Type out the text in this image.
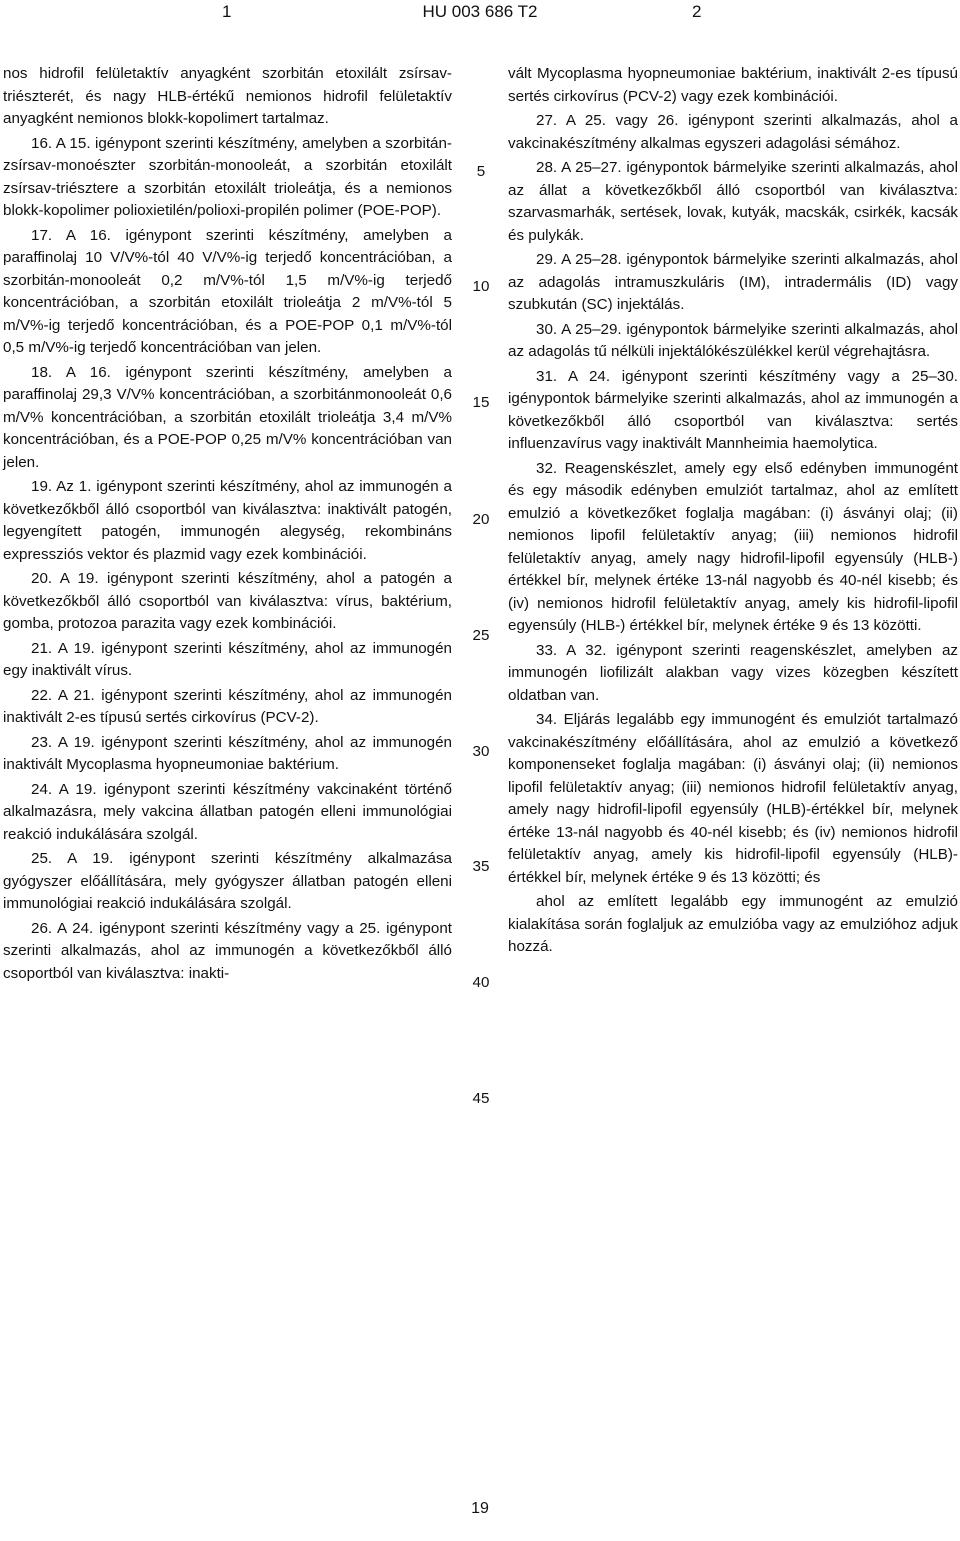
1	HU 003 686 T2	2

nos hidrofil felületaktív anyagként szorbitán etoxilált zsírsav-triészterét, és nagy HLB-értékű nemionos hidrofil felületaktív anyagként nemionos blokk-kopolimert tartalmaz.

16. A 15. igénypont szerinti készítmény, amelyben a szorbitán-zsírsav-monoészter szorbitán-monooleát, a szorbitán etoxilált zsírsav-triésztere a szorbitán etoxilált trioleátja, és a nemionos blokk-kopolimer polioxietilén/polioxi-propilén polimer (POE-POP).

17. A 16. igénypont szerinti készítmény, amelyben a paraffinolaj 10 V/V%-tól 40 V/V%-ig terjedő koncentrációban, a szorbitán-monooleát 0,2 m/V%-tól 1,5 m/V%-ig terjedő koncentrációban, a szorbitán etoxilált trioleátja 2 m/V%-tól 5 m/V%-ig terjedő koncentrációban, és a POE-POP 0,1 m/V%-tól 0,5 m/V%-ig terjedő koncentrációban van jelen.

18. A 16. igénypont szerinti készítmény, amelyben a paraffinolaj 29,3 V/V% koncentrációban, a szorbitánmonooleát 0,6 m/V% koncentrációban, a szorbitán etoxilált trioleátja 3,4 m/V% koncentrációban, és a POE-POP 0,25 m/V% koncentrációban van jelen.

19. Az 1. igénypont szerinti készítmény, ahol az immunogén a következőkből álló csoportból van kiválasztva: inaktivált patogén, legyengített patogén, immunogén alegység, rekombináns expressziós vektor és plazmid vagy ezek kombinációi.

20. A 19. igénypont szerinti készítmény, ahol a patogén a következőkből álló csoportból van kiválasztva: vírus, baktérium, gomba, protozoa parazita vagy ezek kombinációi.

21. A 19. igénypont szerinti készítmény, ahol az immunogén egy inaktivált vírus.

22. A 21. igénypont szerinti készítmény, ahol az immunogén inaktivált 2-es típusú sertés cirkovírus (PCV-2).

23. A 19. igénypont szerinti készítmény, ahol az immunogén inaktivált Mycoplasma hyopneumoniae baktérium.

24. A 19. igénypont szerinti készítmény vakcinaként történő alkalmazásra, mely vakcina állatban patogén elleni immunológiai reakció indukálására szolgál.

25. A 19. igénypont szerinti készítmény alkalmazása gyógyszer előállítására, mely gyógyszer állatban patogén elleni immunológiai reakció indukálására szolgál.

26. A 24. igénypont szerinti készítmény vagy a 25. igénypont szerinti alkalmazás, ahol az immunogén a következőkből álló csoportból van kiválasztva: inakti-

5
10
15
20
25
30
35
40
45

vált Mycoplasma hyopneumoniae baktérium, inaktivált 2-es típusú sertés cirkovírus (PCV-2) vagy ezek kombinációi.

27. A 25. vagy 26. igénypont szerinti alkalmazás, ahol a vakcinakészítmény alkalmas egyszeri adagolási sémához.

28. A 25–27. igénypontok bármelyike szerinti alkalmazás, ahol az állat a következőkből álló csoportból van kiválasztva: szarvasmarhák, sertések, lovak, kutyák, macskák, csirkék, kacsák és pulykák.

29. A 25–28. igénypontok bármelyike szerinti alkalmazás, ahol az adagolás intramuszkuláris (IM), intradermális (ID) vagy szubkután (SC) injektálás.

30. A 25–29. igénypontok bármelyike szerinti alkalmazás, ahol az adagolás tű nélküli injektálókészülékkel kerül végrehajtásra.

31. A 24. igénypont szerinti készítmény vagy a 25–30. igénypontok bármelyike szerinti alkalmazás, ahol az immunogén a következőkből álló csoportból van kiválasztva: sertés influenzavírus vagy inaktivált Mannheimia haemolytica.

32. Reagenskészlet, amely egy első edényben immunogént és egy második edényben emulziót tartalmaz, ahol az említett emulzió a következőket foglalja magában: (i) ásványi olaj; (ii) nemionos lipofil felületaktív anyag; (iii) nemionos hidrofil felületaktív anyag, amely nagy hidrofil-lipofil egyensúly (HLB-) értékkel bír, melynek értéke 13-nál nagyobb és 40-nél kisebb; és (iv) nemionos hidrofil felületaktív anyag, amely kis hidrofil-lipofil egyensúly (HLB-) értékkel bír, melynek értéke 9 és 13 közötti.

33. A 32. igénypont szerinti reagenskészlet, amelyben az immunogén liofilizált alakban vagy vizes közegben készített oldatban van.

34. Eljárás legalább egy immunogént és emulziót tartalmazó vakcinakészítmény előállítására, ahol az emulzió a következő komponenseket foglalja magában: (i) ásványi olaj; (ii) nemionos lipofil felületaktív anyag; (iii) nemionos hidrofil felületaktív anyag, amely nagy hidrofil-lipofil egyensúly (HLB)-értékkel bír, melynek értéke 13-nál nagyobb és 40-nél kisebb; és (iv) nemionos hidrofil felületaktív anyag, amely kis hidrofil-lipofil egyensúly (HLB)-értékkel bír, melynek értéke 9 és 13 közötti; és

ahol az említett legalább egy immunogént az emulzió kialakítása során foglaljuk az emulzióba vagy az emulzióhoz adjuk hozzá.

19
